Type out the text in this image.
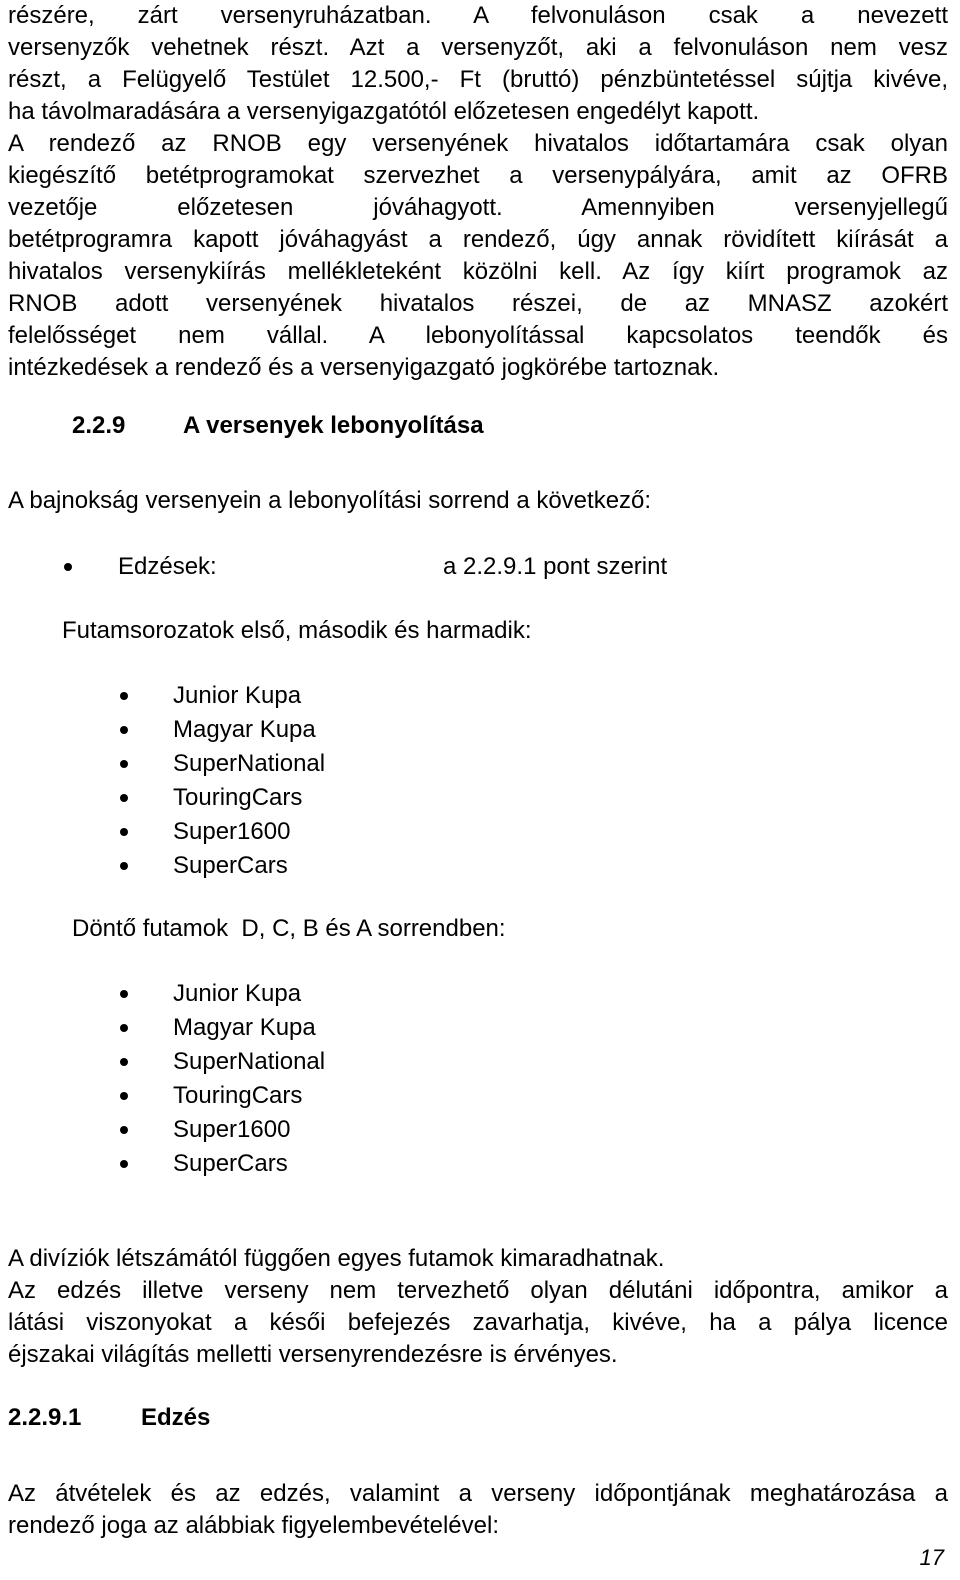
részére, zárt versenyruházatban. A felvonuláson csak a nevezett
versenyzők vehetnek részt. Azt a versenyzőt, aki a felvonuláson nem vesz
részt, a Felügyelő Testület 12.500,- Ft (bruttó) pénzbüntetéssel sújtja kivéve,
ha távolmaradására a versenyigazgatótól előzetesen engedélyt kapott.
A rendező az RNOB egy versenyének hivatalos időtartamára csak olyan
kiegészítő betétprogramokat szervezhet a versenypályára, amit az OFRB
vezetője előzetesen jóváhagyott. Amennyiben versenyjellegű
betétprogramra kapott jóváhagyást a rendező, úgy annak rövidített kiírását a
hivatalos versenykiírás mellékleteként közölni kell. Az így kiírt programok az
RNOB adott versenyének hivatalos részei, de az MNASZ azokért
felelősséget nem vállal. A lebonyolítással kapcsolatos teendők és
intézkedések a rendező és a versenyigazgató jogkörébe tartoznak.
2.2.9 A versenyek lebonyolítása
A bajnokság versenyein a lebonyolítási sorrend a következő:
Edzések:	a 2.2.9.1 pont szerint
Futamsorozatok első, második és harmadik:
Junior Kupa
Magyar Kupa
SuperNational
TouringCars
Super1600
SuperCars
Döntő futamok  D, C, B és A sorrendben:
Junior Kupa
Magyar Kupa
SuperNational
TouringCars
Super1600
SuperCars
A divíziók létszámától függően egyes futamok kimaradhatnak.
Az edzés illetve verseny nem tervezhető olyan délutáni időpontra, amikor a
látási viszonyokat a késői befejezés zavarhatja, kivéve, ha a pálya licence
éjszakai világítás melletti versenyrendezésre is érvényes.
2.2.9.1 Edzés
Az átvételek és az edzés, valamint a verseny időpontjának meghatározása a
rendező joga az alábbiak figyelembevételével:
17
